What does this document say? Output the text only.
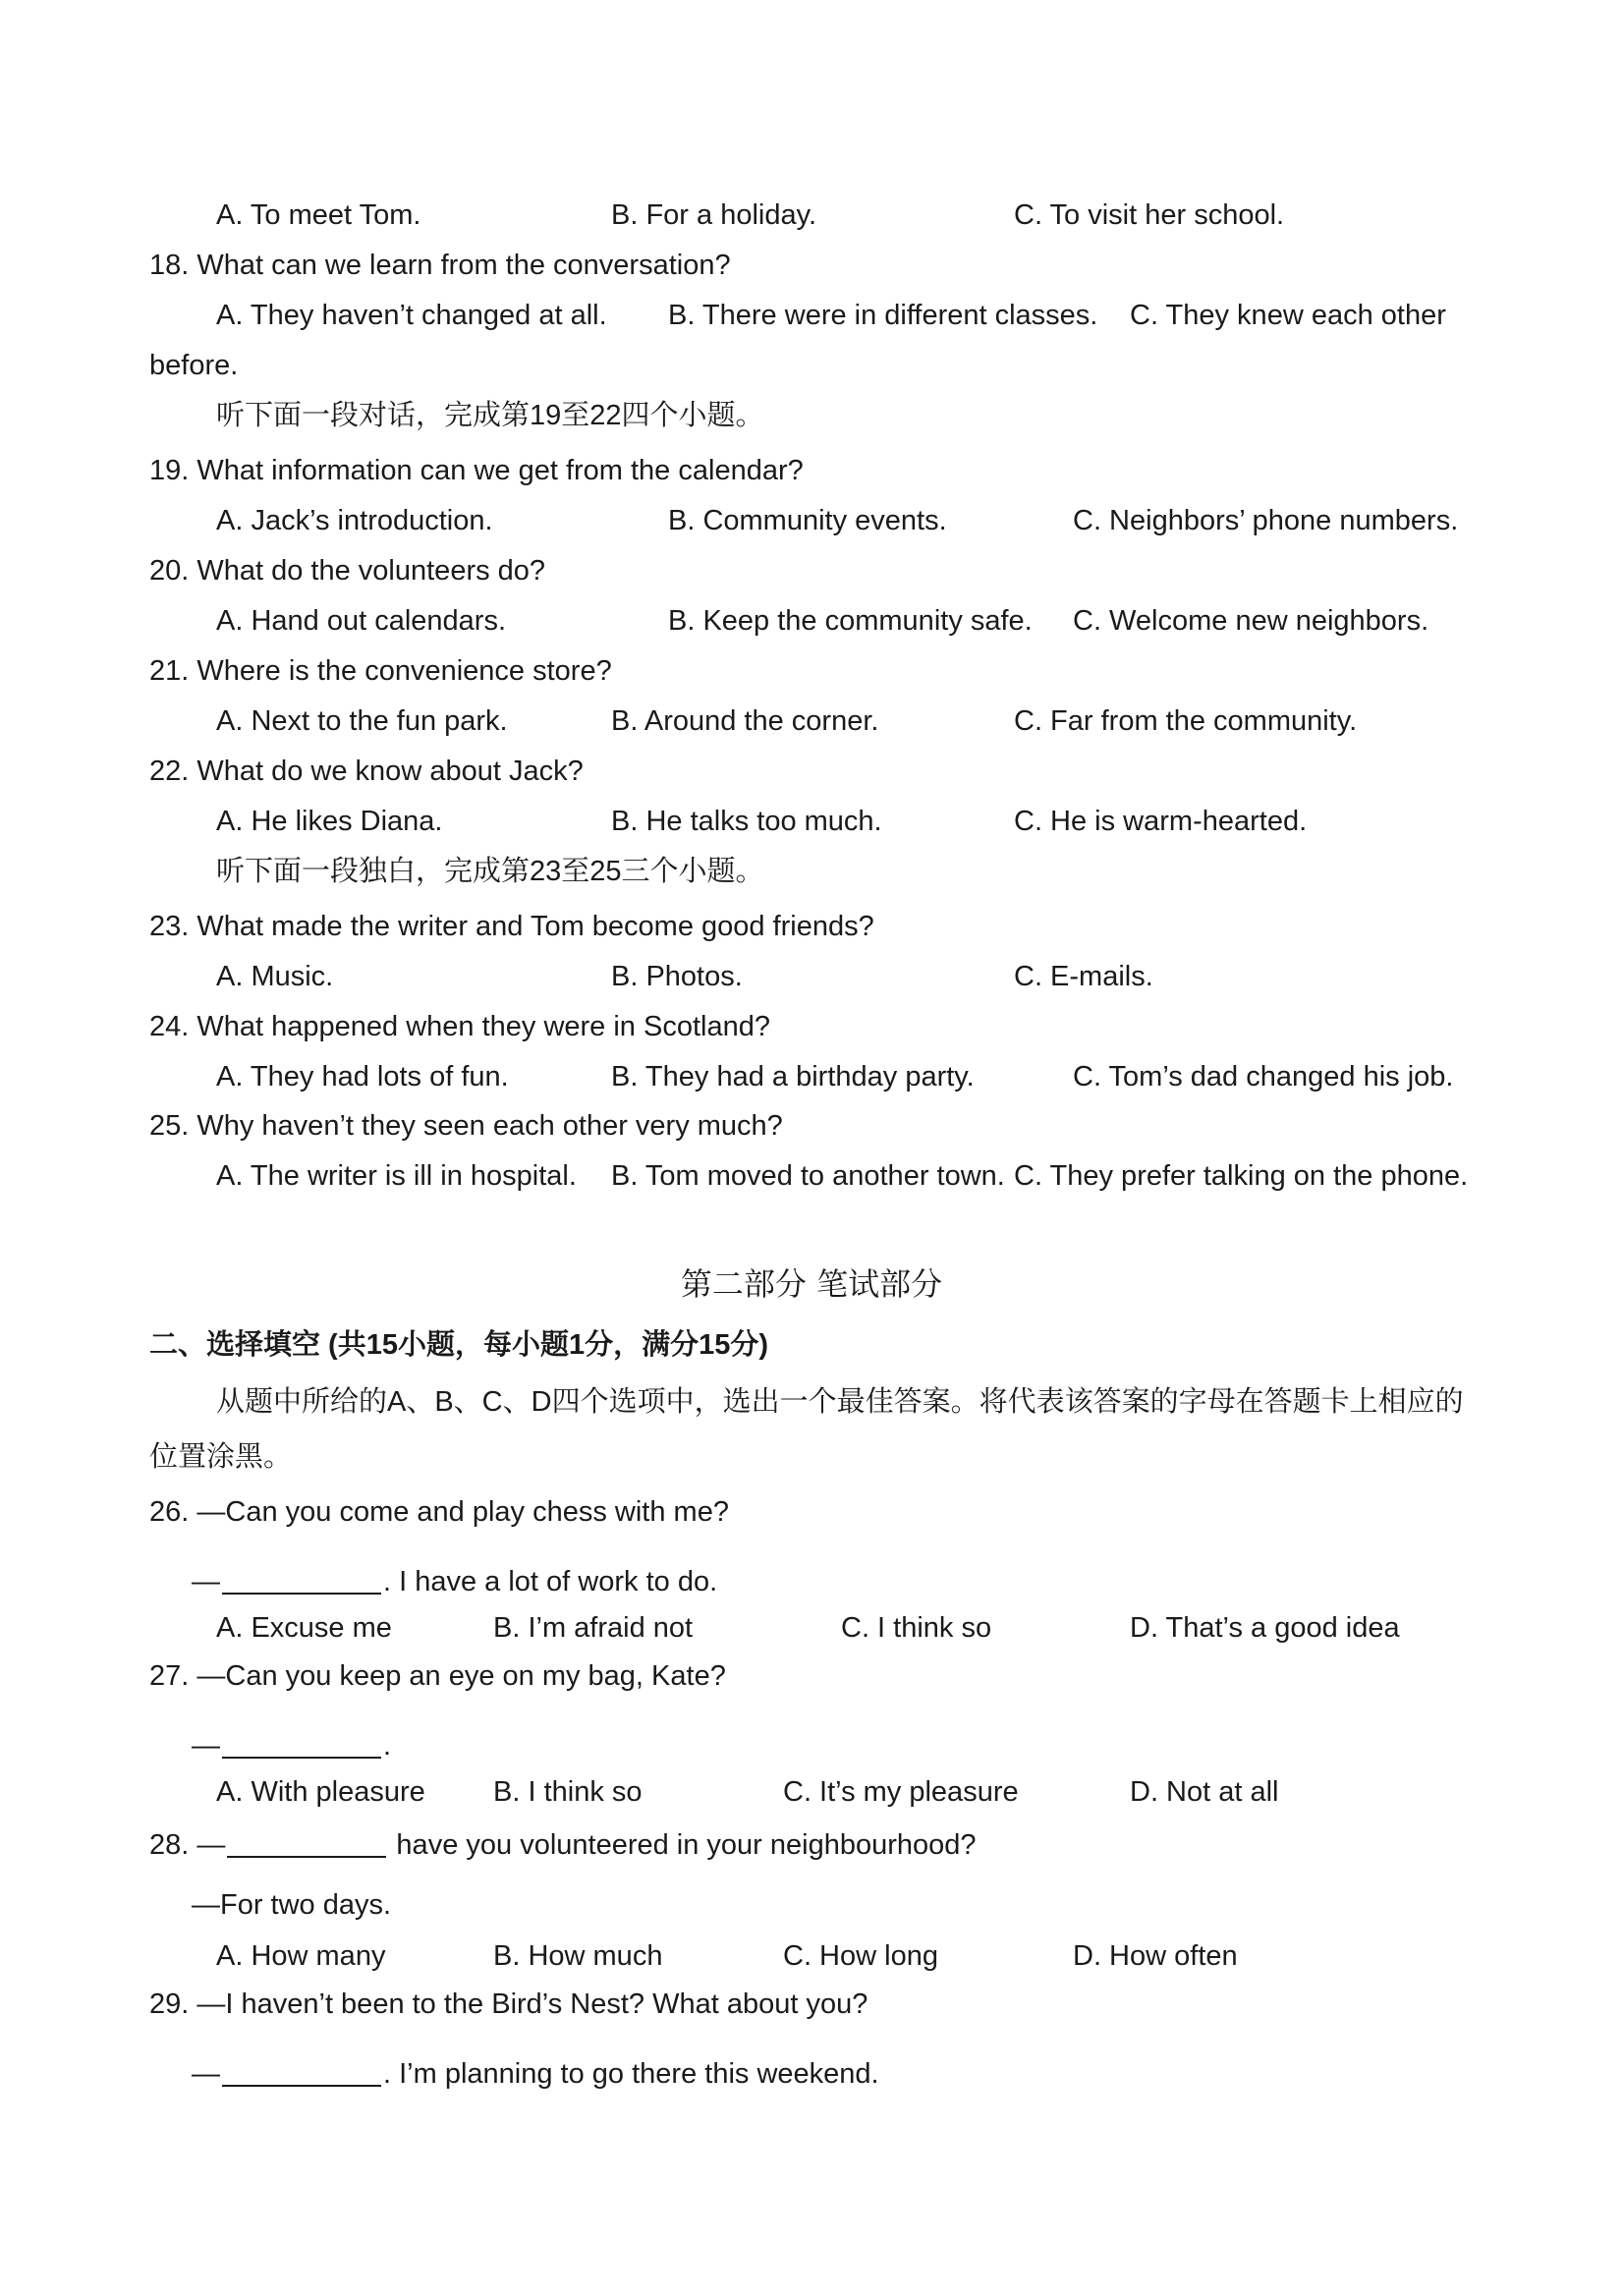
A. To meet Tom.	B. For a holiday.	C. To visit her school.
18. What can we learn from the conversation?
A. They haven’t changed at all. B. There were in different classes. C. They knew each other
before.
听下面一段对话，完成第19至22四个小题。
19. What information can we get from the calendar?
A. Jack’s introduction.	B. Community events.	C. Neighbors’ phone numbers.
20. What do the volunteers do?
A. Hand out calendars.	B. Keep the community safe. C. Welcome new neighbors.
21. Where is the convenience store?
A. Next to the fun park.	B. Around the corner.	C. Far from the community.
22. What do we know about Jack?
A. He likes Diana.	B. He talks too much.	C. He is warm-hearted.
听下面一段独白，完成第23至25三个小题。
23. What made the writer and Tom become good friends?
A. Music.	B. Photos.	C. E-mails.
24. What happened when they were in Scotland?
A. They had lots of fun.	B. They had a birthday party.	C. Tom’s dad changed his job.
25. Why haven’t they seen each other very much?
A. The writer is ill in hospital. B. Tom moved to another town. C. They prefer talking on the phone.
第二部分 笔试部分
二、选择填空 (共15小题，每小题1分，满分15分)
从题中所给的A、B、C、D四个选项中，选出一个最佳答案。将代表该答案的字母在答题卡上相应的
位置涂黑。
26. —Can you come and play chess with me?
—	. I have a lot of work to do.
A. Excuse me	B. I’m afraid not	C. I think so	D. That’s a good idea
27. —Can you keep an eye on my bag, Kate?
—	.
A. With pleasure B. I think so	C. It’s my pleasure	D. Not at all
28. —	have you volunteered in your neighbourhood?
—For two days.
A. How many	B. How much	C. How long	D. How often
29. —I haven’t been to the Bird’s Nest? What about you?
—	. I’m planning to go there this weekend.
